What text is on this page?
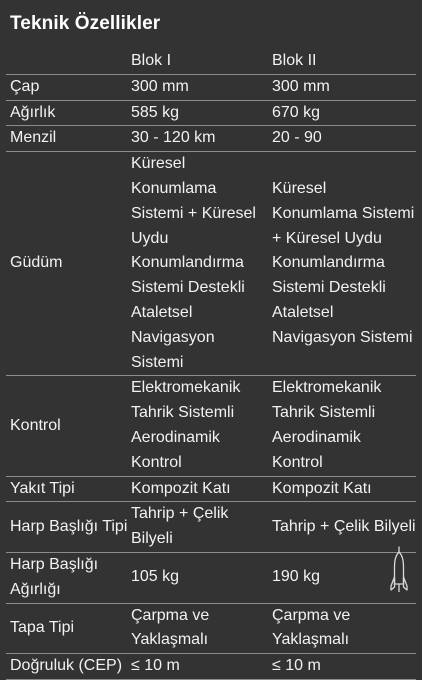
Teknik Özellikler
	Blok I	Blok II
Çap	300 mm	300 mm
Ağırlık	585 kg	670 kg
Menzil	30 - 120 km	20 - 90
Güdüm	Küresel Konumlama Sistemi + Küresel Uydu Konumlandırma Sistemi Destekli Ataletsel Navigasyon Sistemi	Küresel Konumlama Sistemi + Küresel Uydu Konumlandırma Sistemi Destekli Ataletsel Navigasyon Sistemi
Kontrol	Elektromekanik Tahrik Sistemli Aerodinamik Kontrol	Elektromekanik Tahrik Sistemli Aerodinamik Kontrol
Yakıt Tipi	Kompozit Katı	Kompozit Katı
Harp Başlığı Tipi	Tahrip + Çelik Bilyeli	Tahrip + Çelik Bilyeli
Harp Başlığı Ağırlığı	105 kg	190 kg
Tapa Tipi	Çarpma ve Yaklaşmalı	Çarpma ve Yaklaşmalı
Doğruluk (CEP)	≤ 10 m	≤ 10 m
